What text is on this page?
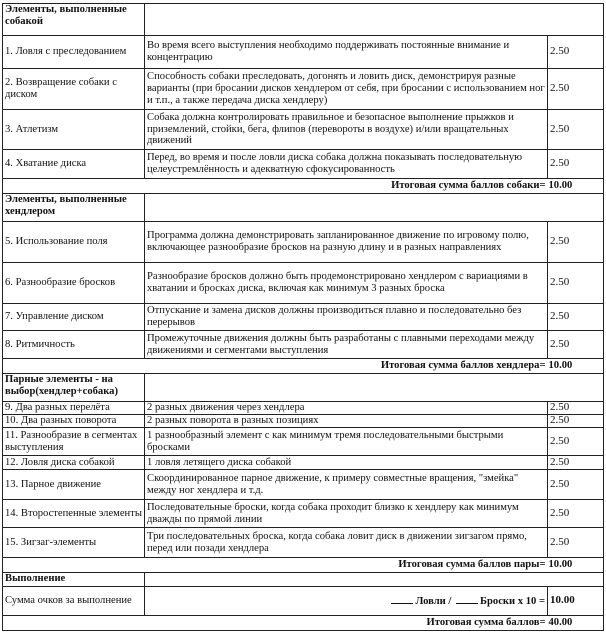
Элементы, выполненные собакой		
1. Ловля с преследованием	Во время всего выступления необходимо поддерживать постоянные внимание и концентрацию	2.50
2. Возвращение собаки с диском	Способность собаки преследовать, догонять и ловить диск, демонстрируя разные варианты (при бросании дисков хендлером от себя, при бросании с использованием ног и т.п., а также передача диска хендлеру)	2.50
3. Атлетизм	Собака должна контролировать правильное и безопасное выполнение прыжков и приземлений, стойки, бега, флипов (перевороты в воздухе) и/или вращательных движений	2.50
4. Хватание диска	Перед, во время и после ловли диска собака должна показывать последовательную целеустремлённость и адекватную сфокусированность	2.50
Итоговая сумма баллов собаки=		10.00
Элементы, выполненные хендлером		
5. Использование поля	Программа должна демонстрировать запланированное движение по игровому полю, включающее разнообразие бросков на разную длину и в разных направлениях	2.50
6. Разнообразие бросков	Разнообразие бросков должно быть продемонстрировано хендлером с вариациями в хватании и бросках диска, включая как минимум 3 разных броска	2.50
7. Управление диском	Отпускание и замена дисков должны производиться плавно и последовательно без перерывов	2.50
8. Ритмичность	Промежуточные движения должны быть разработаны с плавными переходами между движениями и сегментами выступления	2.50
Итоговая сумма баллов хендлера=		10.00
Парные элементы - на выбор(хендлер+собака)		
9. Два разных перелёта	2 разных движения через хендлера	2.50
10. Два разных поворота	2 разных поворота в разных позициях	2.50

11. Разнообразие в сегментах выступления	1 разнообразный элемент с как минимум тремя последовательными быстрыми бросками	2.50
12. Ловля диска собакой	1 ловля летящего диска собакой	2.50
13. Парное движение	Скоординированное парное движение, к примеру совместные вращения, "змейка" между ног хендлера и т.д.	2.50

14. Второстепенные элементы	Последовательные броски, когда собака проходит близко к хендлеру как минимум дважды по прямой линии	2.50
15. Зигзаг-элементы	Три последовательных броска, когда собака ловит диск в движении зигзагом прямо, перед или позади хендлера	2.50
Итоговая сумма баллов пары=		10.00
Выполнение		
Сумма очков за выполнение	Ловли / Броски х 10 =	10.00
Итоговая сумма баллов=		40.00
